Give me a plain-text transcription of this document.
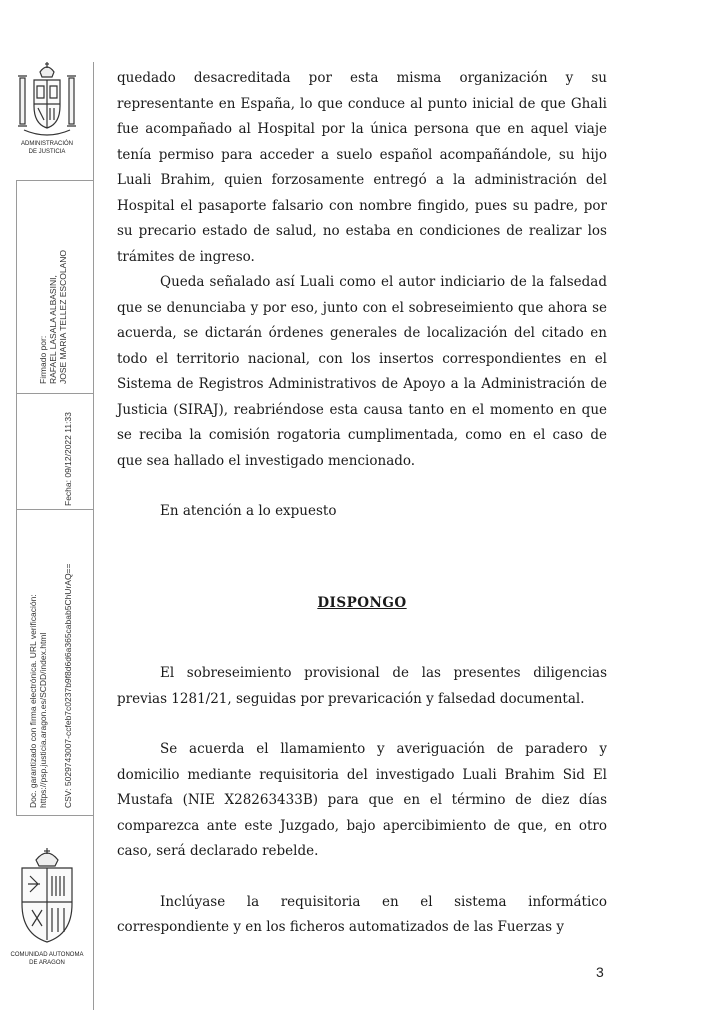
ADMINISTRACIÓN
DE JUSTICIA
Firmado por: RAFAEL LASALA ALBASINI, JOSE MARIA TELLEZ ESCOLANO
Fecha: 09/12/2022 11:33
Doc. garantizado con firma electrónica. URL verificación: https://psp.justicia.aragon.es/SCDD/index.html CSV: 5029743007-ccfeb7c0237b9f8d6d6a365cabab5ChUrAQ==
COMUNIDAD AUTONOMA
DE ARAGON

quedado desacreditada por esta misma organización y su representante en España, lo que conduce al punto inicial de que Ghali fue acompañado al Hospital por la única persona que en aquel viaje tenía permiso para acceder a suelo español acompañándole, su hijo Luali Brahim, quien forzosamente entregó a la administración del Hospital el pasaporte falsario con nombre fingido, pues su padre, por su precario estado de salud, no estaba en condiciones de realizar los trámites de ingreso.

Queda señalado así Luali como el autor indiciario de la falsedad que se denunciaba y por eso, junto con el sobreseimiento que ahora se acuerda, se dictarán órdenes generales de localización del citado en todo el territorio nacional, con los insertos correspondientes en el Sistema de Registros Administrativos de Apoyo a la Administración de Justicia (SIRAJ), reabriéndose esta causa tanto en el momento en que se reciba la comisión rogatoria cumplimentada, como en el caso de que sea hallado el investigado mencionado.

En atención a lo expuesto

DISPONGO

El sobreseimiento provisional de las presentes diligencias previas 1281/21, seguidas por prevaricación y falsedad documental.

Se acuerda el llamamiento y averiguación de paradero y domicilio mediante requisitoria del investigado Luali Brahim Sid El Mustafa (NIE X28263433B) para que en el término de diez días comparezca ante este Juzgado, bajo apercibimiento de que, en otro caso, será declarado rebelde.

Inclúyase la requisitoria en el sistema informático correspondiente y en los ficheros automatizados de las Fuerzas y

3
